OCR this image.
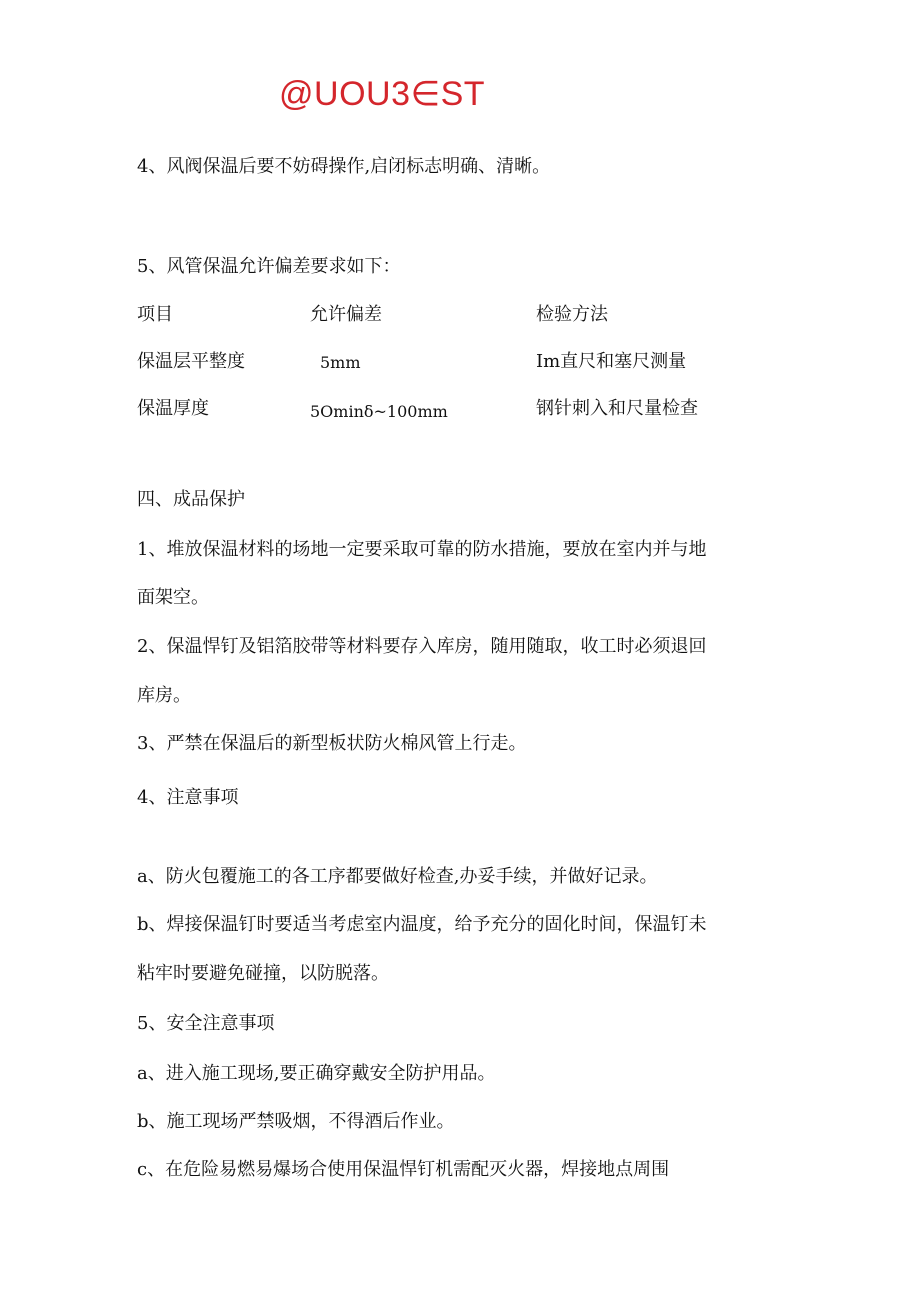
@UOU3∈ST
4、风阀保温后要不妨碍操作,启闭标志明确、清晰。
5、风管保温允许偏差要求如下：
项目	允许偏差	检验方法
保温层平整度	5mm	Im直尺和塞尺测量
保温厚度	5Ominδ~100mm	钢针刺入和尺量检查
四、成品保护
1、堆放保温材料的场地一定要采取可靠的防水措施，要放在室内并与地
面架空。
2、保温悍钉及铝箔胶带等材料要存入库房，随用随取，收工时必须退回
库房。
3、严禁在保温后的新型板状防火棉风管上行走。
4、注意事项
a、防火包覆施工的各工序都要做好检查,办妥手续，并做好记录。
b、焊接保温钉时要适当考虑室内温度，给予充分的固化时间，保温钉未
粘牢时要避免碰撞，以防脱落。
5、安全注意事项
a、进入施工现场,要正确穿戴安全防护用品。
b、施工现场严禁吸烟，不得酒后作业。
c、在危险易燃易爆场合使用保温悍钉机需配灭火器，焊接地点周围
